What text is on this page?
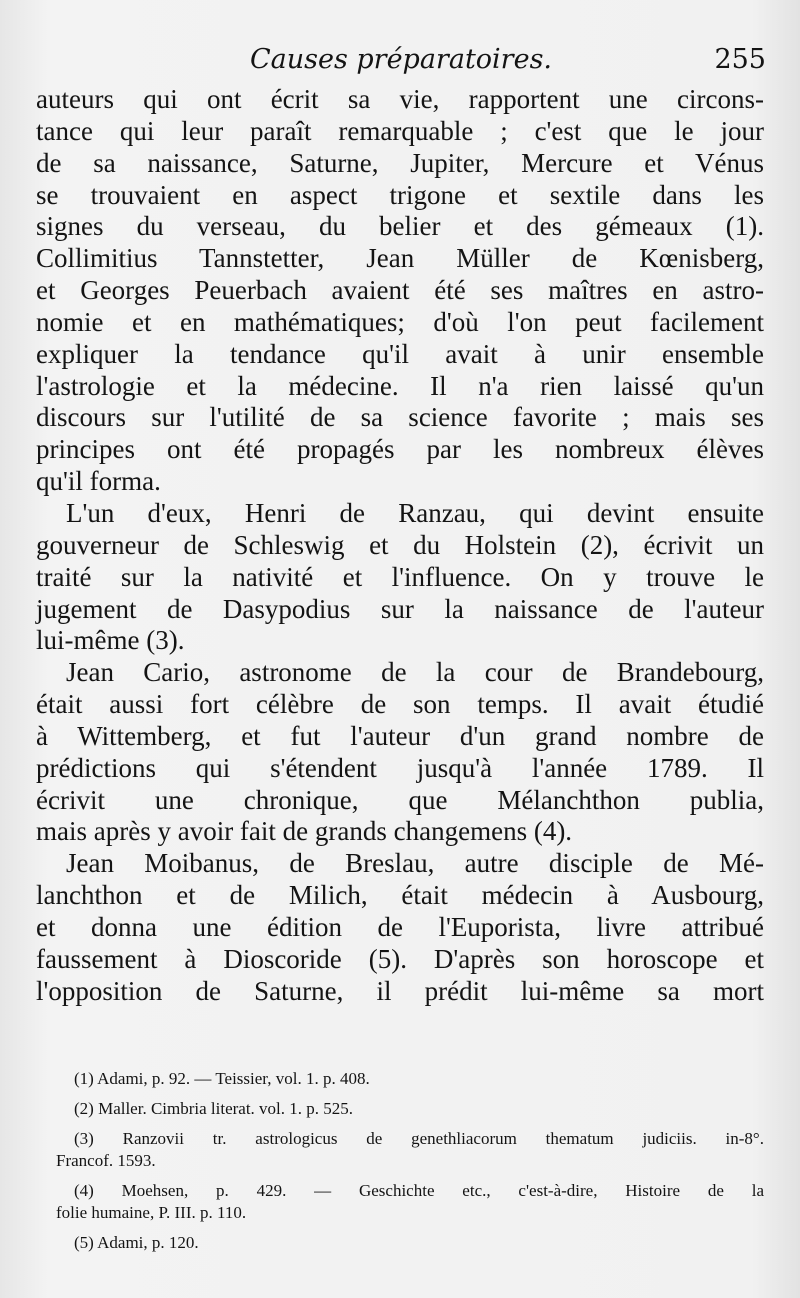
Causes préparatoires.	255
auteurs qui ont écrit sa vie, rapportent une circons-
tance qui leur paraît remarquable ; c'est que le jour
de sa naissance, Saturne, Jupiter, Mercure et Vénus
se trouvaient en aspect trigone et sextile dans les
signes du verseau, du belier et des gémeaux (1).
Collimitius Tannstetter, Jean Müller de Kœnisberg,
et Georges Peuerbach avaient été ses maîtres en astro-
nomie et en mathématiques; d'où l'on peut facilement
expliquer la tendance qu'il avait à unir ensemble
l'astrologie et la médecine. Il n'a rien laissé qu'un
discours sur l'utilité de sa science favorite ; mais ses
principes ont été propagés par les nombreux élèves
qu'il forma.
L'un d'eux, Henri de Ranzau, qui devint ensuite
gouverneur de Schleswig et du Holstein (2), écrivit un
traité sur la nativité et l'influence. On y trouve le
jugement de Dasypodius sur la naissance de l'auteur
lui-même (3).
Jean Cario, astronome de la cour de Brandebourg,
était aussi fort célèbre de son temps. Il avait étudié
à Wittemberg, et fut l'auteur d'un grand nombre de
prédictions qui s'étendent jusqu'à l'année 1789. Il
écrivit une chronique, que Mélanchthon publia,
mais après y avoir fait de grands changemens (4).
Jean Moibanus, de Breslau, autre disciple de Mé-
lanchthon et de Milich, était médecin à Ausbourg,
et donna une édition de l'Euporista, livre attribué
faussement à Dioscoride (5). D'après son horoscope et
l'opposition de Saturne, il prédit lui-même sa mort
(1) Adami, p. 92. — Teissier, vol. 1. p. 408.
(2) Maller. Cimbria literat. vol. 1. p. 525.
(3) Ranzovii tr. astrologicus de genethliacorum thematum judiciis. in-8°.
Francof. 1593.
(4) Moehsen, p. 429. — Geschichte etc., c'est-à-dire, Histoire de la
folie humaine, P. III. p. 110.
(5) Adami, p. 120.
